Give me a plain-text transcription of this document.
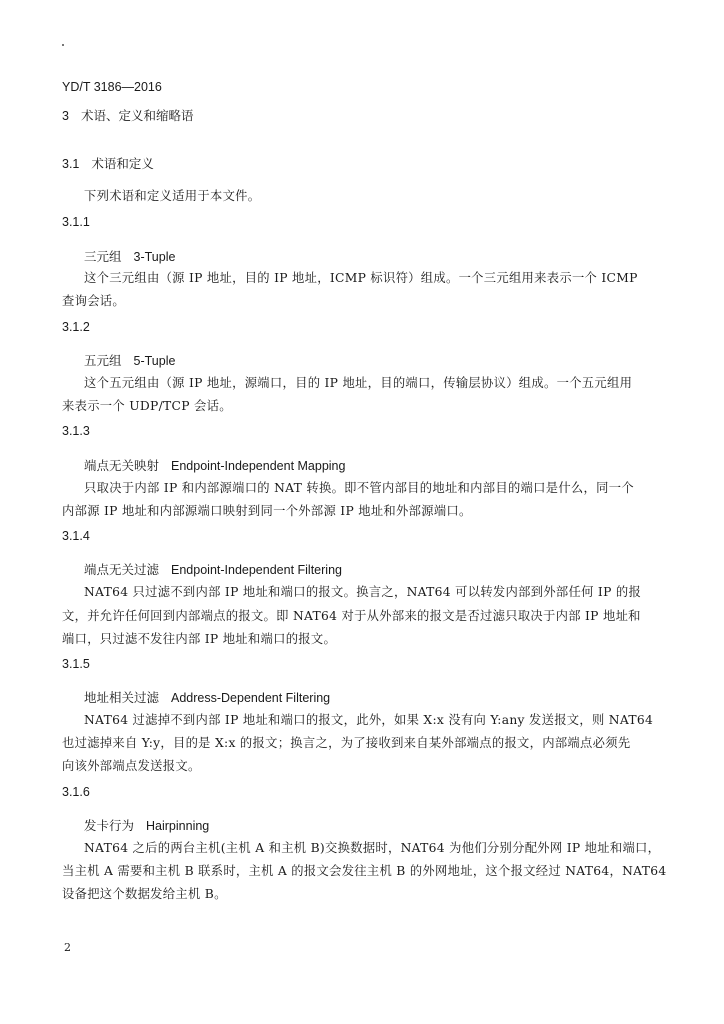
YD/T 3186—2016
3 术语、定义和缩略语
3.1 术语和定义
下列术语和定义适用于本文件。
3.1.1
三元组 3-Tuple
这个三元组由（源 IP 地址，目的 IP 地址，ICMP 标识符）组成。一个三元组用来表示一个 ICMP
查询会话。
3.1.2
五元组 5-Tuple
这个五元组由（源 IP 地址，源端口，目的 IP 地址，目的端口，传输层协议）组成。一个五元组用
来表示一个 UDP/TCP 会话。
3.1.3
端点无关映射 Endpoint-Independent Mapping
只取决于内部 IP 和内部源端口的 NAT 转换。即不管内部目的地址和内部目的端口是什么，同一个
内部源 IP 地址和内部源端口映射到同一个外部源 IP 地址和外部源端口。
3.1.4
端点无关过滤 Endpoint-Independent Filtering
NAT64 只过滤不到内部 IP 地址和端口的报文。换言之，NAT64 可以转发内部到外部任何 IP 的报
文，并允许任何回到内部端点的报文。即 NAT64 对于从外部来的报文是否过滤只取决于内部 IP 地址和
端口，只过滤不发往内部 IP 地址和端口的报文。
3.1.5
地址相关过滤 Address-Dependent Filtering
NAT64 过滤掉不到内部 IP 地址和端口的报文，此外，如果 X:x 没有向 Y:any 发送报文，则 NAT64
也过滤掉来自 Y:y，目的是 X:x 的报文；换言之，为了接收到来自某外部端点的报文，内部端点必须先
向该外部端点发送报文。
3.1.6
发卡行为 Hairpinning
NAT64 之后的两台主机(主机 A 和主机 B)交换数据时，NAT64 为他们分别分配外网 IP 地址和端口，
当主机 A 需要和主机 B 联系时，主机 A 的报文会发往主机 B 的外网地址，这个报文经过 NAT64，NAT64
设备把这个数据发给主机 B。
2
